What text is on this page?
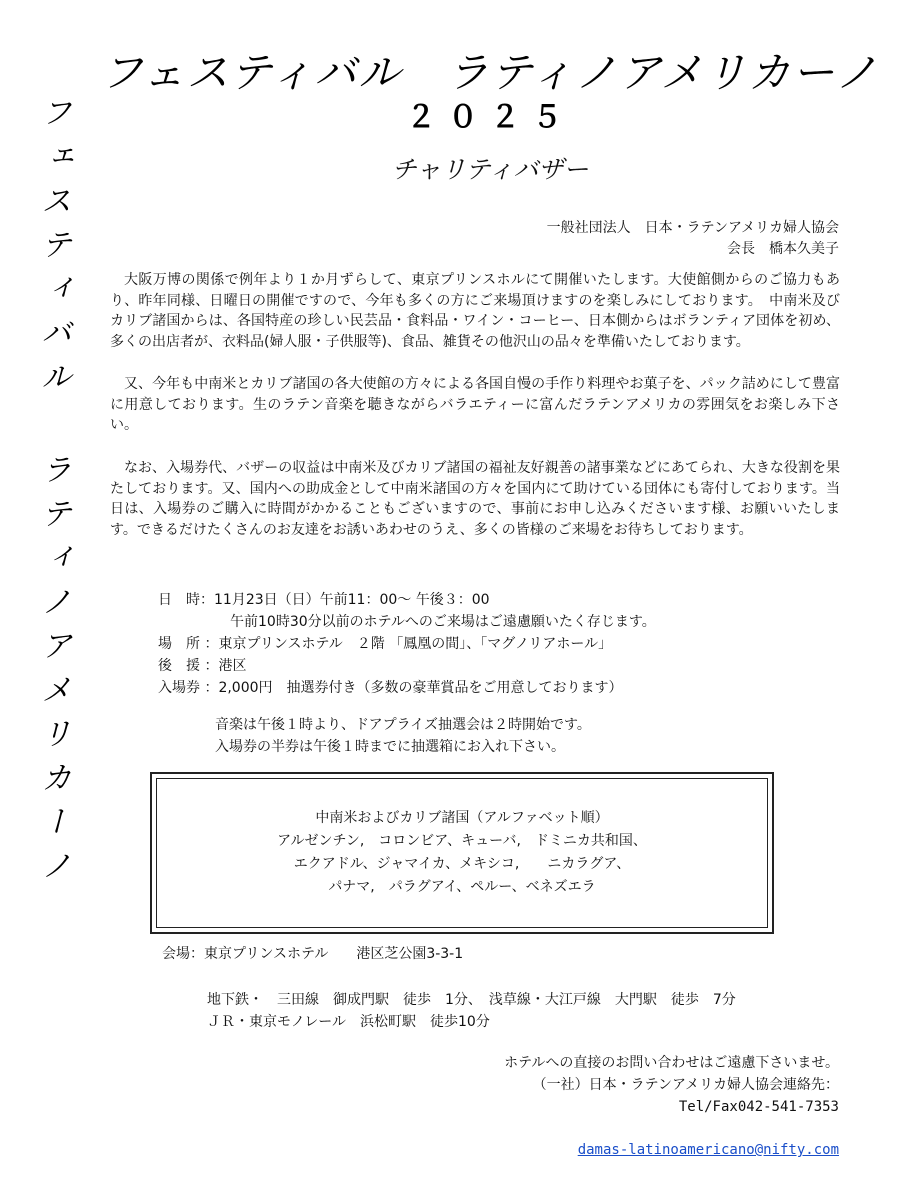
フェスティバル ラティノアメリカーノ
フェスティバル　ラティノアメリカーノ
２０２５
チャリティバザー
一般社団法人　日本・ラテンアメリカ婦人協会
会長　橋本久美子
大阪万博の関係で例年より１か月ずらして、東京プリンスホルにて開催いたします。大使館側からのご協力もあり、昨年同様、日曜日の開催ですので、今年も多くの方にご来場頂けますのを楽しみにしております。　中南米及びカリブ諸国からは、各国特産の珍しい民芸品・食料品・ワイン・コーヒー、日本側からはボランティア団体を初め、多くの出店者が、衣料品(婦人服・子供服等)、食品、雑貨その他沢山の品々を準備いたしております。
又、今年も中南米とカリブ諸国の各大使館の方々による各国自慢の手作り料理やお菓子を、パック詰めにして豊富に用意しております。生のラテン音楽を聴きながらバラエティーに富んだラテンアメリカの雰囲気をお楽しみ下さい。
なお、入場券代、バザーの収益は中南米及びカリブ諸国の福祉友好親善の諸事業などにあてられ、大きな役割を果たしております。又、国内への助成金として中南米諸国の方々を国内にて助けている団体にも寄付しております。当日は、入場券のご購入に時間がかかることもございますので、事前にお申し込みくださいます様、お願いいたします。できるだけたくさんのお友達をお誘いあわせのうえ、多くの皆様のご来場をお待ちしております。
日　時：11月23日（日）午前11：00～ 午後３：00
午前10時30分以前のホテルへのご来場はご遠慮願いたく存じます。
場　所 ：東京プリンスホテル　２階 「鳳凰の間」、「マグノリアホール」
後　援 ：港区
入場券 ：2,000円　抽選券付き（多数の豪華賞品をご用意しております）
音楽は午後１時より、ドアプライズ抽選会は２時開始です。
入場券の半券は午後１時までに抽選箱にお入れ下さい。
中南米およびカリブ諸国（アルファベット順）
アルゼンチン,　コロンビア、キューバ,　ドミニカ共和国、
エクアドル、ジャマイカ、メキシコ,　　ニカラグア、
パナマ,　パラグアイ、ペルー、ベネズエラ
会場：東京プリンスホテル　　港区芝公園3-3-1
地下鉄・　三田線　御成門駅　徒歩　1分、　浅草線・大江戸線　大門駅　徒歩　7分
ＪＲ・東京モノレール　浜松町駅　徒歩10分
ホテルへの直接のお問い合わせはご遠慮下さいませ。
（一社）日本・ラテンアメリカ婦人協会連絡先：
Tel/Fax042-541-7353

damas-latinoamericano@nifty.com
